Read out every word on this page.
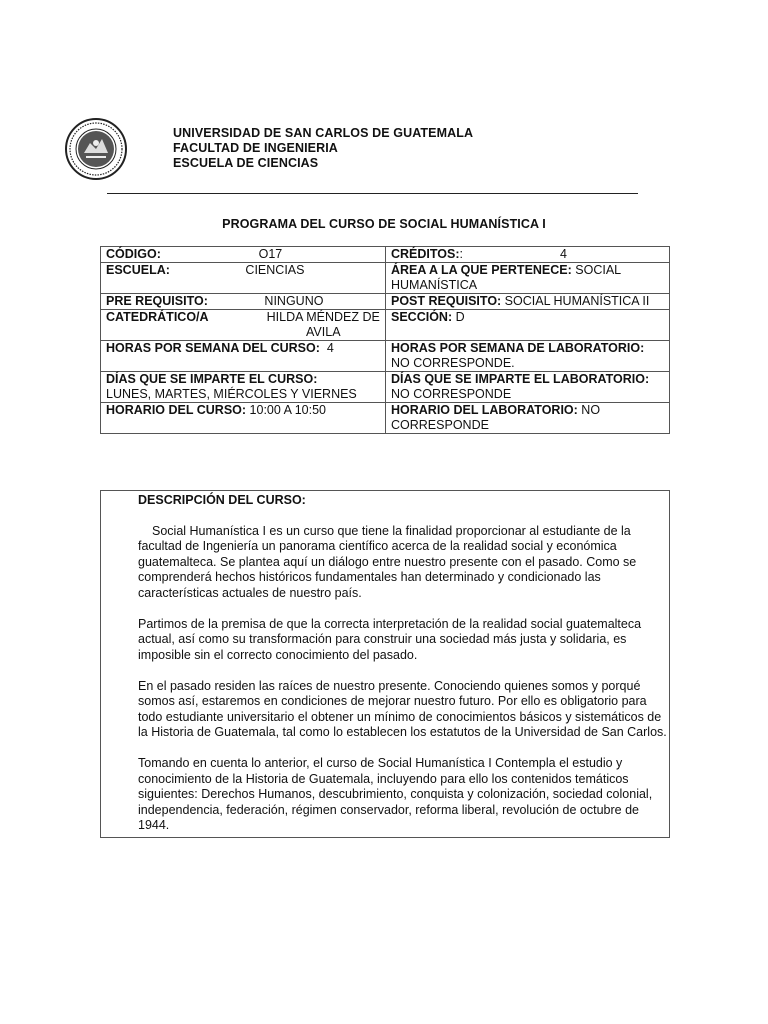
UNIVERSIDAD DE SAN CARLOS DE GUATEMALA
FACULTAD DE INGENIERIA
ESCUELA DE CIENCIAS
PROGRAMA DEL CURSO DE SOCIAL HUMANÍSTICA I
CÓDIGO: O17	CRÉDITOS: : 4

ESCUELA: CIENCIAS	ÁREA A LA QUE PERTENECE: SOCIAL HUMANÍSTICA

PRE REQUISITO: NINGUNO	POST REQUISITO: SOCIAL HUMANÍSTICA II

CATEDRÁTICO/A HILDA MÉNDEZ DE AVILA	SECCIÓN: D
HORAS POR SEMANA DEL CURSO: 4	HORAS POR SEMANA DE LABORATORIO: NO CORRESPONDE.

DÍAS QUE SE IMPARTE EL CURSO:
LUNES, MARTES, MIÉRCOLES Y VIERNES	DÍAS QUE SE IMPARTE EL LABORATORIO: NO CORRESPONDE
HORARIO DEL CURSO: 10:00 A 10:50	HORARIO DEL LABORATORIO: NO CORRESPONDE
DESCRIPCIÓN DEL CURSO:

Social Humanística I es un curso que tiene la finalidad proporcionar al estudiante de la facultad de Ingeniería un panorama científico acerca de la realidad social y económica guatemalteca. Se plantea aquí un diálogo entre nuestro presente con el pasado. Como se comprenderá hechos históricos fundamentales han determinado y condicionado las características actuales de nuestro país.

Partimos de la premisa de que la correcta interpretación de la realidad social guatemalteca actual, así como su transformación para construir una sociedad más justa y solidaria, es imposible sin el correcto conocimiento del pasado.

En el pasado residen las raíces de nuestro presente. Conociendo quienes somos y porqué somos así, estaremos en condiciones de mejorar nuestro futuro. Por ello es obligatorio para todo estudiante universitario el obtener un mínimo de conocimientos básicos y sistemáticos de la Historia de Guatemala, tal como lo establecen los estatutos de la Universidad de San Carlos.

Tomando en cuenta lo anterior, el curso de Social Humanística I Contempla el estudio y conocimiento de la Historia de Guatemala, incluyendo para ello los contenidos temáticos siguientes: Derechos Humanos, descubrimiento, conquista y colonización, sociedad colonial, independencia, federación, régimen conservador, reforma liberal, revolución de octubre de 1944.
